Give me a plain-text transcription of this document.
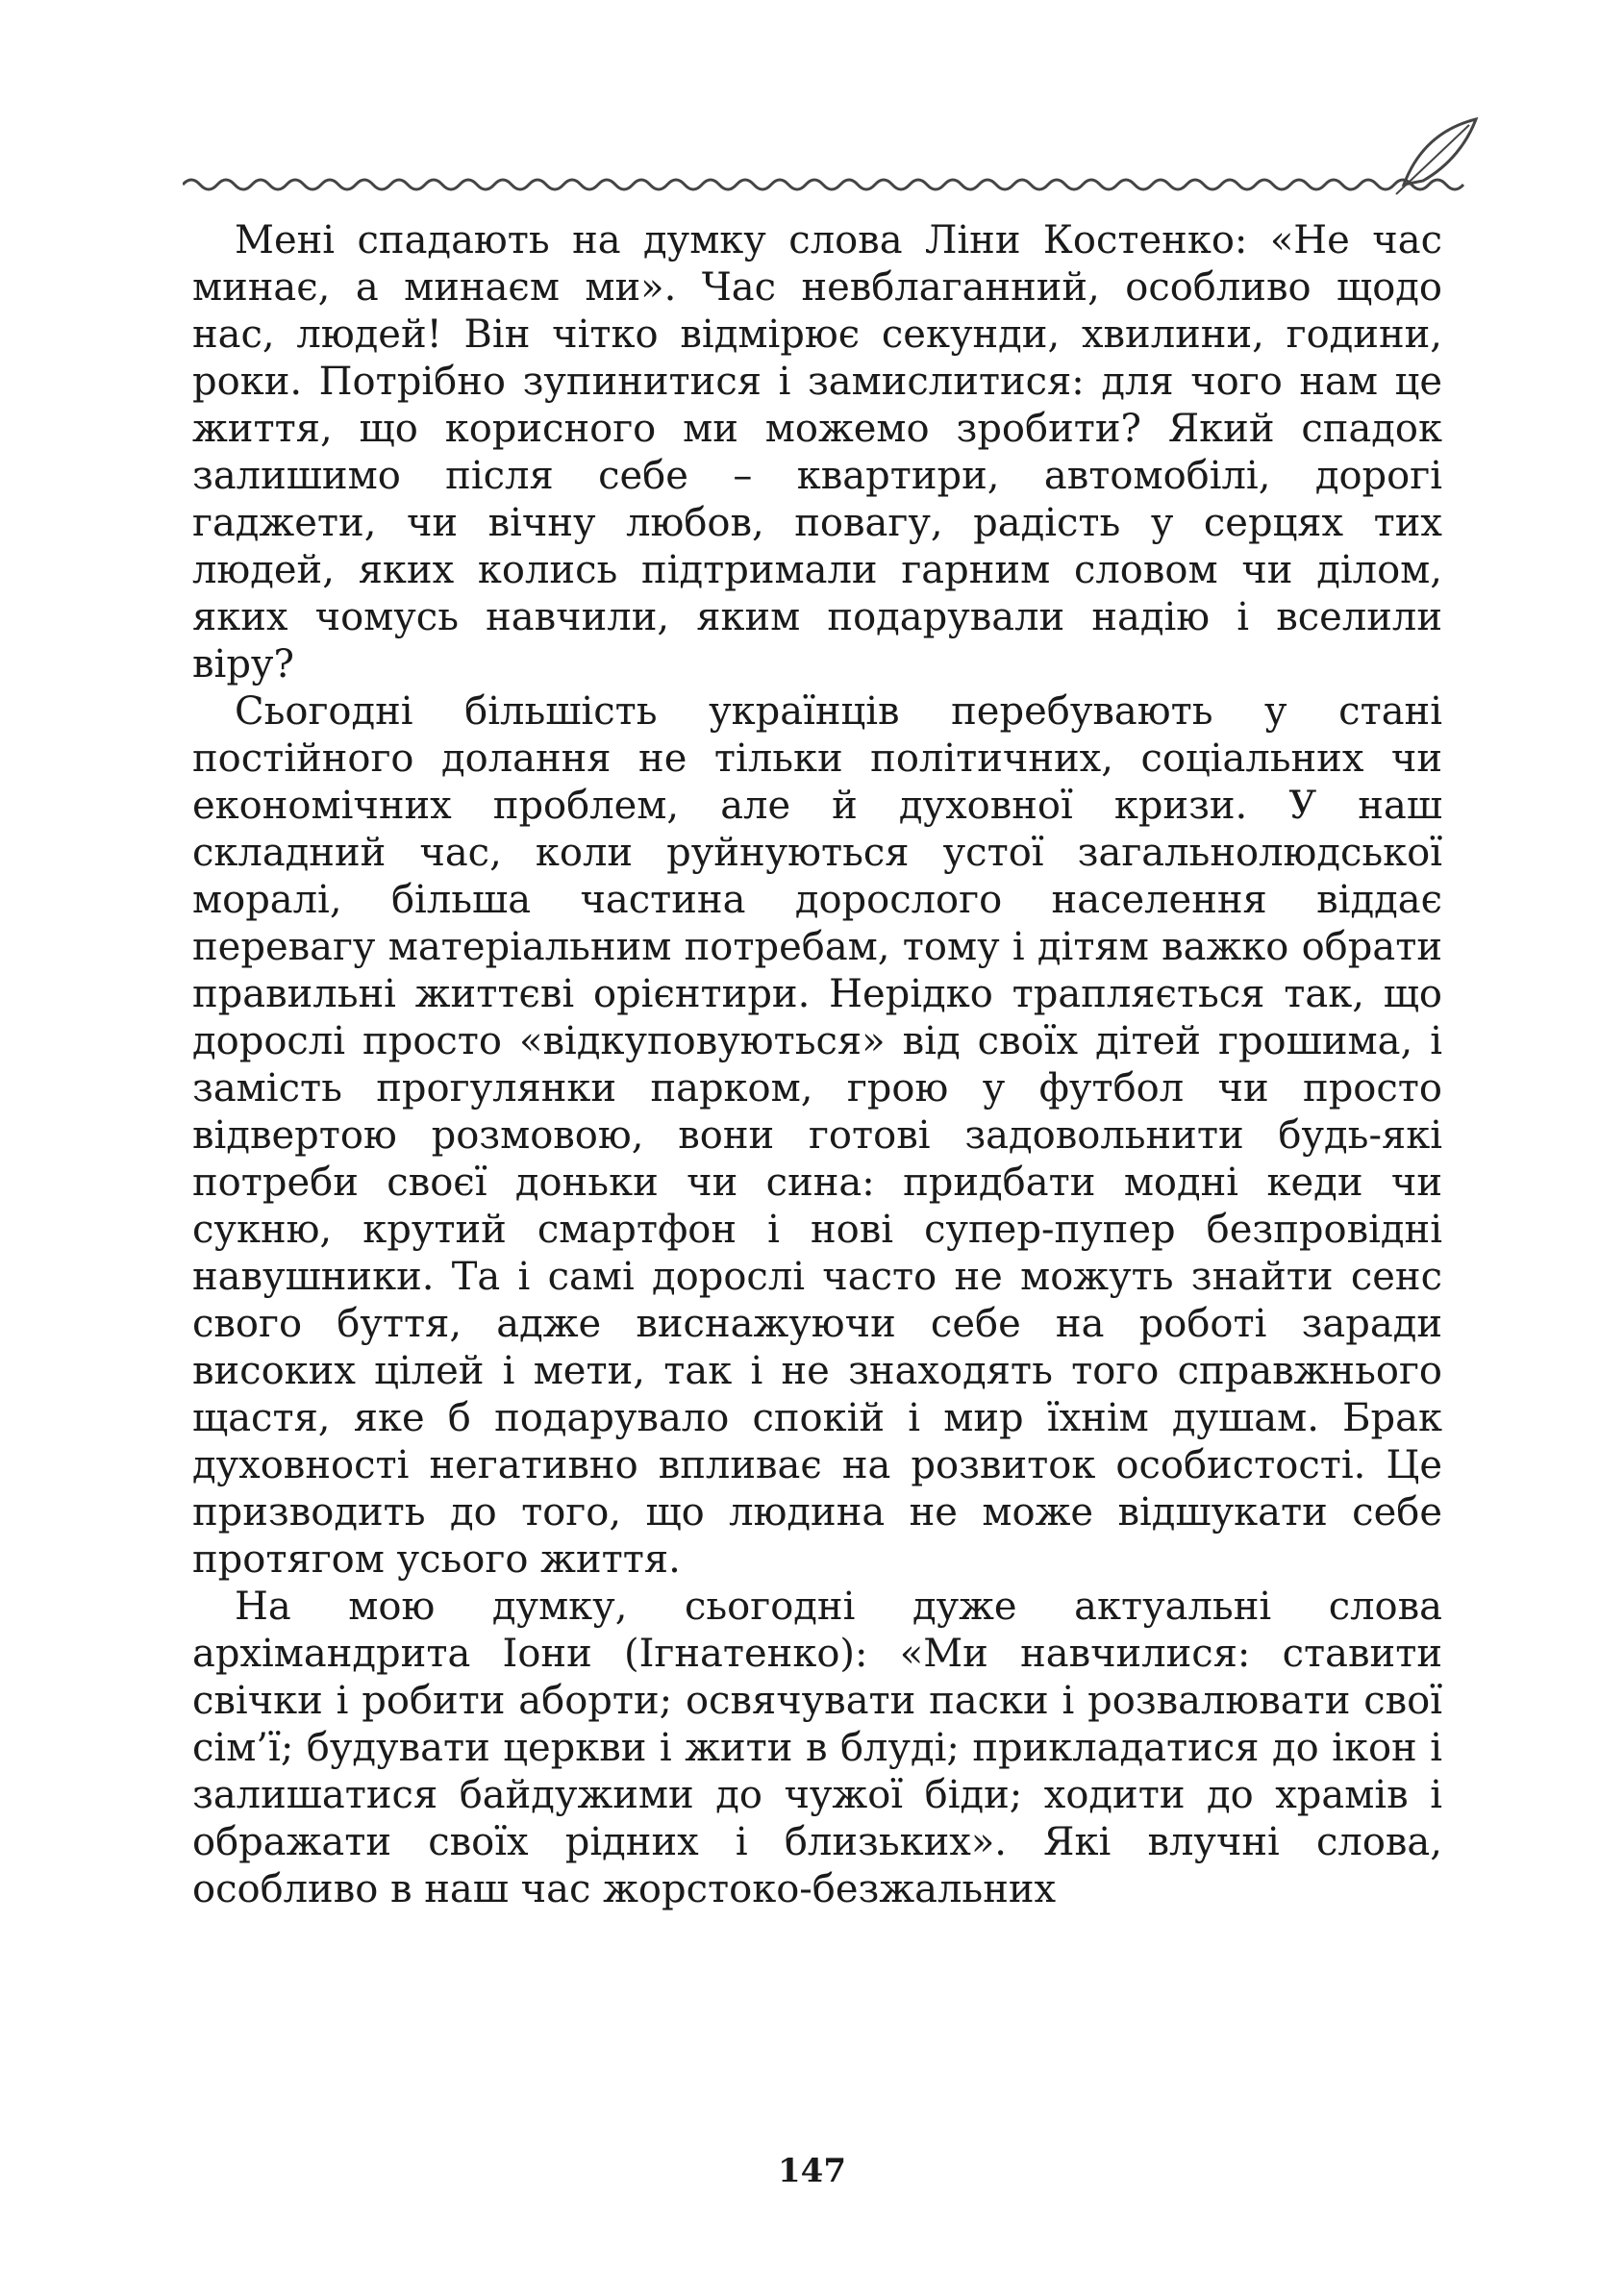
Мені спадають на думку слова Ліни Костенко: «Не час минає, а минаєм ми». Час невблаганний, особливо щодо нас, людей! Він чітко відмірює секунди, хвилини, години, роки. Потрібно зупинитися і замислитися: для чого нам це життя, що корисного ми можемо зробити? Який спадок залишимо після себе – квартири, автомобілі, дорогі гаджети, чи вічну любов, повагу, радість у серцях тих людей, яких колись підтримали гарним словом чи ділом, яких чомусь навчили, яким подарували надію і вселили віру?

Сьогодні більшість українців перебувають у стані постійного долання не тільки політичних, соціальних чи економічних проблем, але й духовної кризи. У наш складний час, коли руйнуються устої загальнолюдської моралі, більша частина дорослого населення віддає перевагу матеріальним потребам, тому і дітям важко обрати правильні життєві орієнтири. Нерідко трапляється так, що дорослі просто «відкуповуються» від своїх дітей грошима, і замість прогулянки парком, грою у футбол чи просто відвертою розмовою, вони готові задовольнити будь-які потреби своєї доньки чи сина: придбати модні кеди чи сукню, крутий смартфон і нові супер-пупер безпровідні навушники. Та і самі дорослі часто не можуть знайти сенс свого буття, адже виснажуючи себе на роботі заради високих цілей і мети, так і не знаходять того справжнього щастя, яке б подарувало спокій і мир їхнім душам. Брак духовності негативно впливає на розвиток особистості. Це призводить до того, що людина не може відшукати себе протягом усього життя.

На мою думку, сьогодні дуже актуальні слова архімандрита Іони (Ігнатенко): «Ми навчилися: ставити свічки і робити аборти; освячувати паски і розвалювати свої сім’ї; будувати церкви і жити в блуді; прикладатися до ікон і залишатися байдужими до чужої біди; ходити до храмів і ображати своїх рідних і близьких». Які влучні слова, особливо в наш час жорстоко-безжальних

147
